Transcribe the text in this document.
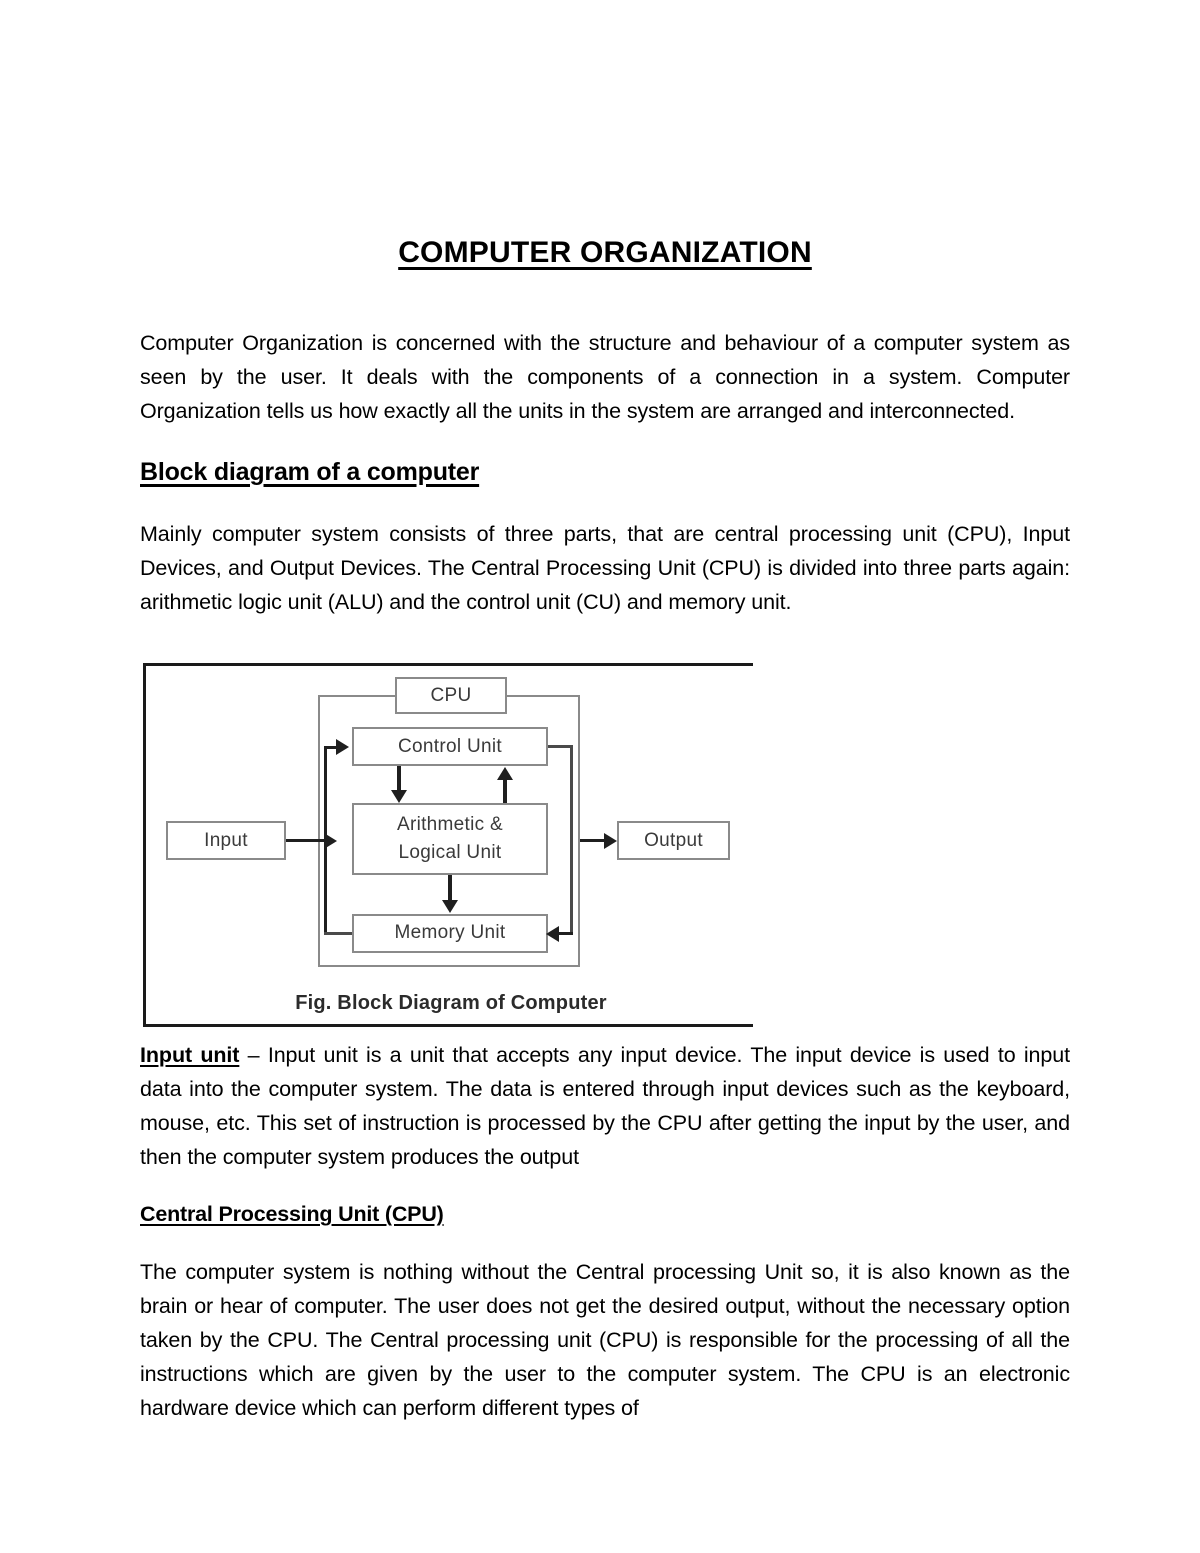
COMPUTER ORGANIZATION

Computer Organization is concerned with the structure and behaviour of a computer system as seen by the user. It deals with the components of a connection in a system. Computer Organization tells us how exactly all the units in the system are arranged and interconnected.

Block diagram of a computer

Mainly computer system consists of three parts, that are central processing unit (CPU), Input Devices, and Output Devices. The Central Processing Unit (CPU) is divided into three parts again: arithmetic logic unit (ALU) and the control unit (CU) and memory unit.

CPU
Control Unit
Arithmetic &
Logical Unit
Memory Unit
Input	Output
Fig. Block Diagram of Computer

Input unit – Input unit is a unit that accepts any input device. The input device is used to input data into the computer system. The data is entered through input devices such as the keyboard, mouse, etc. This set of instruction is processed by the CPU after getting the input by the user, and then the computer system produces the output

Central Processing Unit (CPU)

The computer system is nothing without the Central processing Unit so, it is also known as the brain or hear of computer. The user does not get the desired output, without the necessary option taken by the CPU. The Central processing unit (CPU) is responsible for the processing of all the instructions which are given by the user to the computer system. The CPU is an electronic hardware device which can perform different types of
